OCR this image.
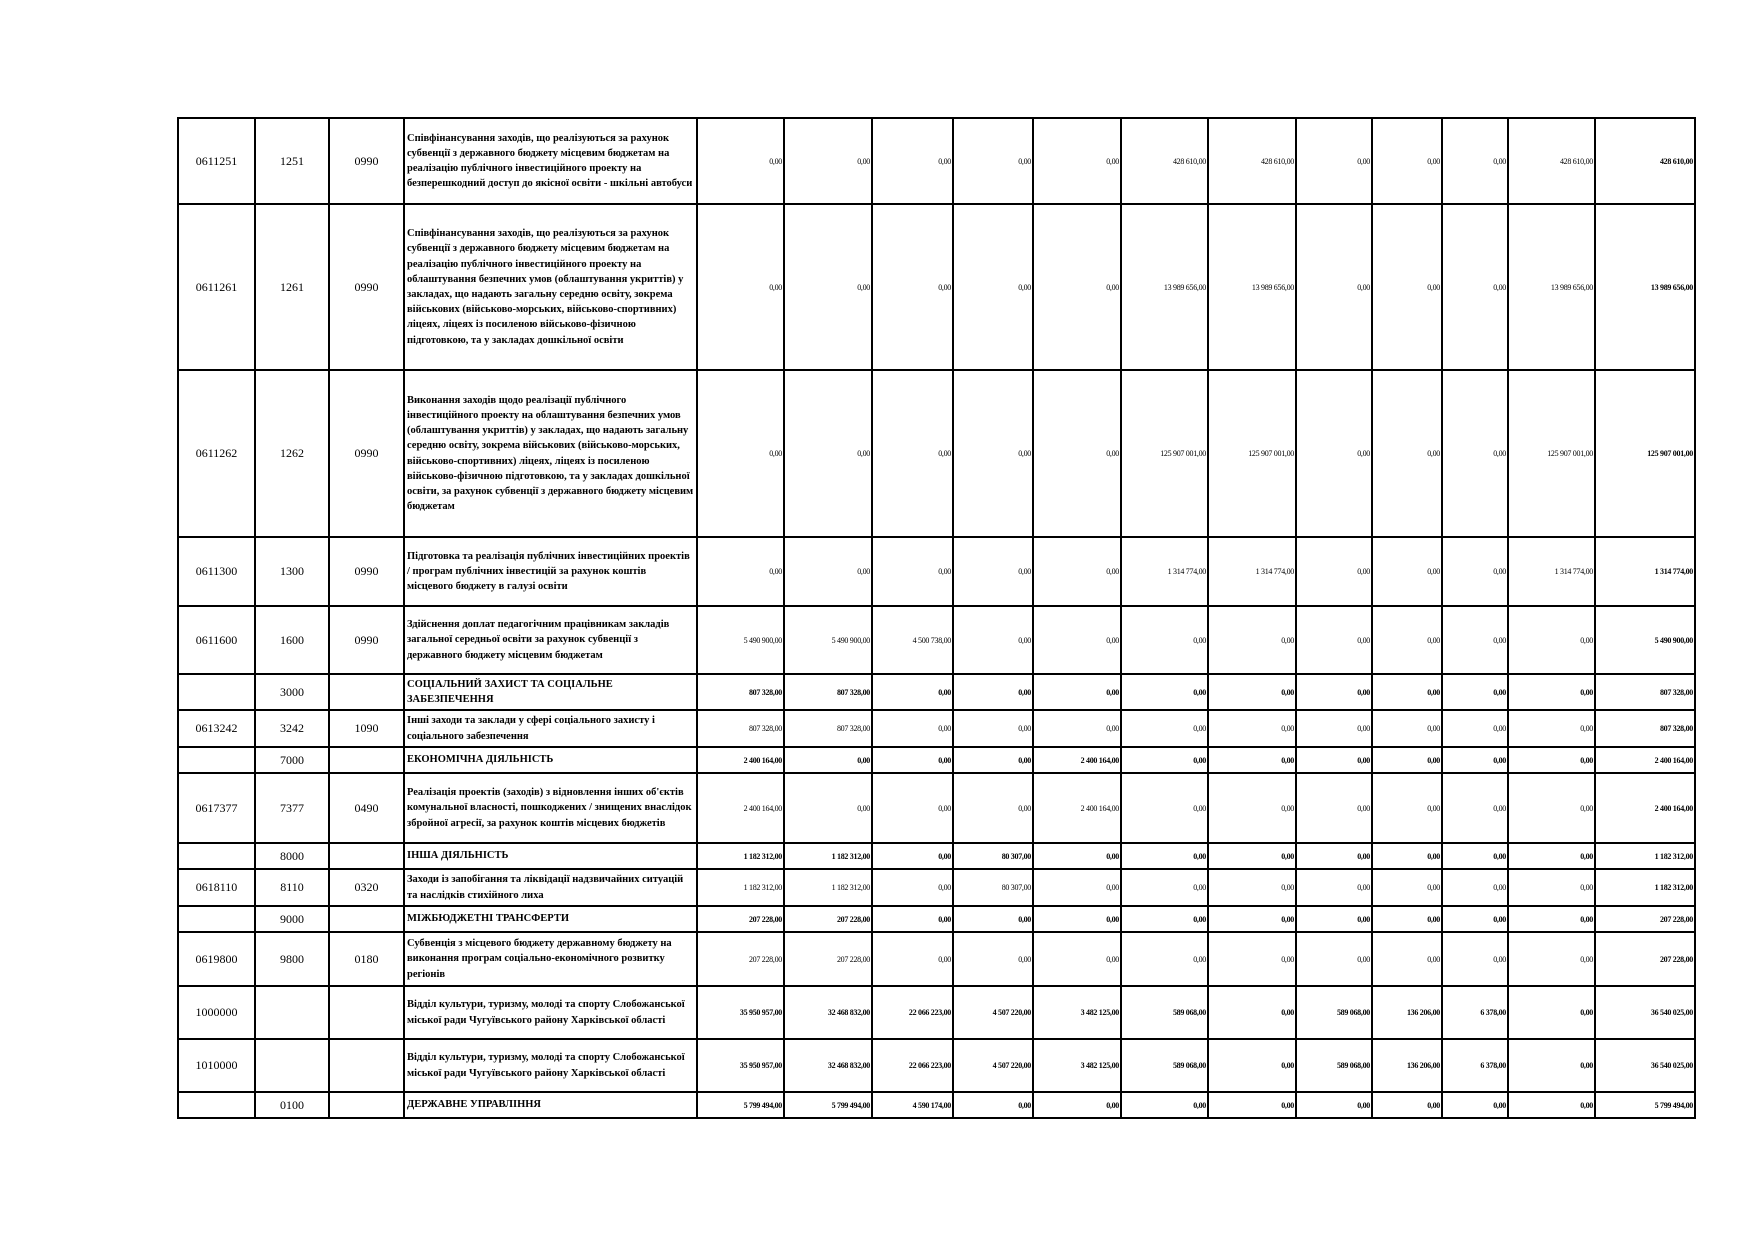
0611251	1251	0990	Співфінансування заходів, що реалізуються за рахунок субвенції з державного бюджету місцевим бюджетам на реалізацію публічного інвестиційного проекту на безперешкодний доступ до якісної освіти - шкільні автобуси	0,00	0,00	0,00	0,00	0,00	428 610,00	428 610,00	0,00	0,00	0,00	428 610,00	428 610,00
0611261	1261	0990	Співфінансування заходів, що реалізуються за рахунок субвенції з державного бюджету місцевим бюджетам на реалізацію публічного інвестиційного проекту на облаштування безпечних умов (облаштування укриттів) у закладах, що надають загальну середню освіту, зокрема військових (військово-морських, військово-спортивних) ліцеях, ліцеях із посиленою військово-фізичною підготовкою, та у закладах дошкільної освіти	0,00	0,00	0,00	0,00	0,00	13 989 656,00	13 989 656,00	0,00	0,00	0,00	13 989 656,00	13 989 656,00
0611262	1262	0990	Виконання заходів щодо реалізації публічного інвестиційного проекту на облаштування безпечних умов (облаштування укриттів) у закладах, що надають загальну середню освіту, зокрема військових (військово-морських, військово-спортивних) ліцеях, ліцеях із посиленою військово-фізичною підготовкою, та у закладах дошкільної освіти, за рахунок субвенції з державного бюджету місцевим бюджетам	0,00	0,00	0,00	0,00	0,00	125 907 001,00	125 907 001,00	0,00	0,00	0,00	125 907 001,00	125 907 001,00
0611300	1300	0990	Підготовка та реалізація публічних інвестиційних проектів / програм публічних інвестицій за рахунок коштів місцевого бюджету в галузі освіти	0,00	0,00	0,00	0,00	0,00	1 314 774,00	1 314 774,00	0,00	0,00	0,00	1 314 774,00	1 314 774,00
0611600	1600	0990	Здійснення доплат педагогічним працівникам закладів загальної середньої освіти за рахунок субвенції з державного бюджету місцевим бюджетам	5 490 900,00	5 490 900,00	4 500 738,00	0,00	0,00	0,00	0,00	0,00	0,00	0,00	0,00	5 490 900,00
	3000		СОЦІАЛЬНИЙ ЗАХИСТ ТА СОЦІАЛЬНЕ ЗАБЕЗПЕЧЕННЯ	807 328,00	807 328,00	0,00	0,00	0,00	0,00	0,00	0,00	0,00	0,00	0,00	807 328,00
0613242	3242	1090	Інші заходи та заклади у сфері соціального захисту і соціального забезпечення	807 328,00	807 328,00	0,00	0,00	0,00	0,00	0,00	0,00	0,00	0,00	0,00	807 328,00
	7000		ЕКОНОМІЧНА ДІЯЛЬНІСТЬ	2 400 164,00	0,00	0,00	0,00	2 400 164,00	0,00	0,00	0,00	0,00	0,00	0,00	2 400 164,00
0617377	7377	0490	Реалізація проектів (заходів) з відновлення інших об'єктів комунальної власності, пошкоджених / знищених внаслідок збройної агресії, за рахунок коштів місцевих бюджетів	2 400 164,00	0,00	0,00	0,00	2 400 164,00	0,00	0,00	0,00	0,00	0,00	0,00	2 400 164,00
	8000		ІНША ДІЯЛЬНІСТЬ	1 182 312,00	1 182 312,00	0,00	80 307,00	0,00	0,00	0,00	0,00	0,00	0,00	0,00	1 182 312,00
0618110	8110	0320	Заходи із запобігання та ліквідації надзвичайних ситуацій та наслідків стихійного лиха	1 182 312,00	1 182 312,00	0,00	80 307,00	0,00	0,00	0,00	0,00	0,00	0,00	0,00	1 182 312,00
	9000		МІЖБЮДЖЕТНІ ТРАНСФЕРТИ	207 228,00	207 228,00	0,00	0,00	0,00	0,00	0,00	0,00	0,00	0,00	0,00	207 228,00
0619800	9800	0180	Субвенція з місцевого бюджету державному бюджету на виконання програм соціально-економічного розвитку регіонів	207 228,00	207 228,00	0,00	0,00	0,00	0,00	0,00	0,00	0,00	0,00	0,00	207 228,00
1000000			Відділ культури, туризму, молоді та спорту Слобожанської міської ради Чугуївського району Харківської області	35 950 957,00	32 468 832,00	22 066 223,00	4 507 220,00	3 482 125,00	589 068,00	0,00	589 068,00	136 206,00	6 378,00	0,00	36 540 025,00
1010000			Відділ культури, туризму, молоді та спорту Слобожанської міської ради Чугуївського району Харківської області	35 950 957,00	32 468 832,00	22 066 223,00	4 507 220,00	3 482 125,00	589 068,00	0,00	589 068,00	136 206,00	6 378,00	0,00	36 540 025,00
	0100		ДЕРЖАВНЕ УПРАВЛІННЯ	5 799 494,00	5 799 494,00	4 590 174,00	0,00	0,00	0,00	0,00	0,00	0,00	0,00	0,00	5 799 494,00
